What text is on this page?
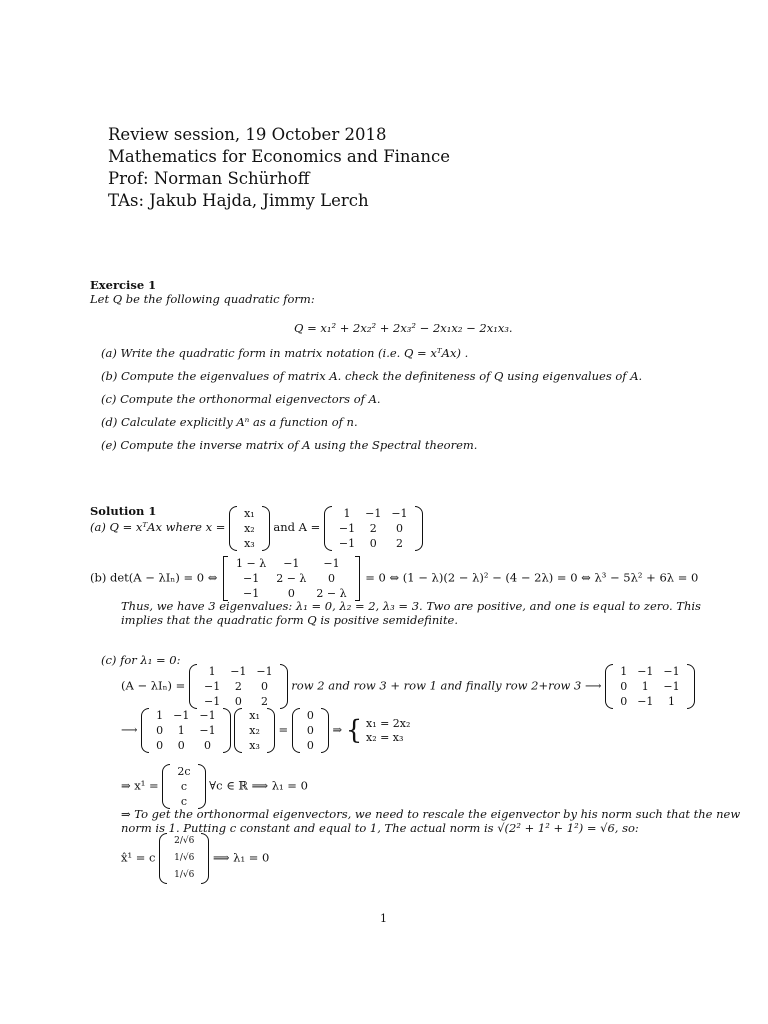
Review session, 19 October 2018
Mathematics for Economics and Finance
Prof: Norman Schürhoff
TAs: Jakub Hajda, Jimmy Lerch
Exercise 1
Let Q be the following quadratic form:
Q = x₁² + 2x₂² + 2x₃² − 2x₁x₂ − 2x₁x₃.
(a) Write the quadratic form in matrix notation (i.e. Q = xᵀAx) .
(b) Compute the eigenvalues of matrix A. check the definiteness of Q using eigenvalues of A.
(c) Compute the orthonormal eigenvectors of A.
(d) Calculate explicitly Aⁿ as a function of n.
(e) Compute the inverse matrix of A using the Spectral theorem.
Solution 1
(a) Q = xᵀAx where x =
x₁
x₂
x₃
and A =
1	−1	−1
−1	2	0
−1	0	2
(b) det(A − λIₙ) = 0 ⇔
1 − λ	−1	−1
−1	2 − λ	0
−1	0	2 − λ
= 0 ⇔ (1 − λ)(2 − λ)² − (4 − 2λ) = 0 ⇔ λ³ − 5λ² + 6λ = 0
Thus, we have 3 eigenvalues: λ₁ = 0, λ₂ = 2, λ₃ = 3. Two are positive, and one is equal to zero. This
implies that the quadratic form Q is positive semidefinite.
(c) for λ₁ = 0:
(A − λIₙ) =
1	−1	−1
−1	2	0
−1	0	2
row 2 and row 3 + row 1 and finally row 2+row 3 ⟶
1	−1	−1
0	1	−1
0	−1	1
⟶
1	−1	−1
0	1	−1
0	0	0

x₁
x₂
x₃
=
0
0
0
⇒ { x₁ = 2x₂
x₂ = x₃
⇒ x¹ =
2c
c
c
∀c ∈ ℝ ⟹ λ₁ = 0
⇒ To get the orthonormal eigenvectors, we need to rescale the eigenvector by his norm such that the new
norm is 1. Putting c constant and equal to 1, The actual norm is √(2² + 1² + 1²) = √6, so:
x̂¹ = c
2/√6
1/√6
1/√6
⟹ λ₁ = 0
1
